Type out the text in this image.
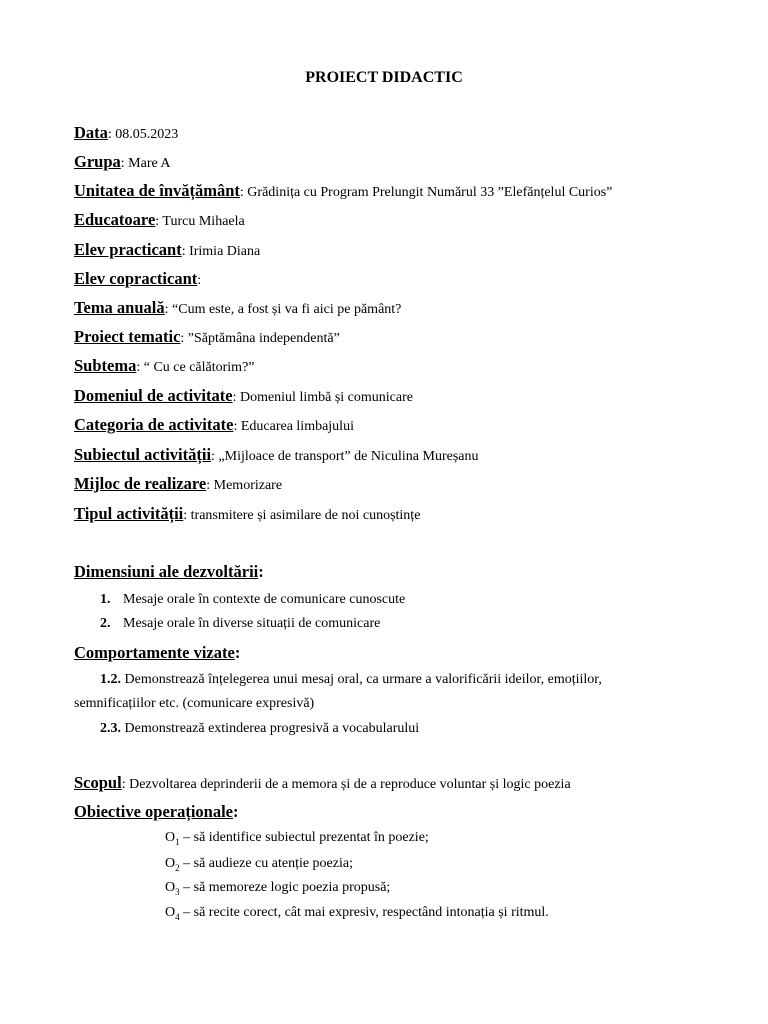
PROIECT DIDACTIC
Data: 08.05.2023
Grupa: Mare A
Unitatea de învățământ: Grădinița cu Program Prelungit Numărul 33 ”Elefănțelul Curios”
Educatoare: Turcu Mihaela
Elev practicant: Irimia Diana
Elev copracticant:
Tema anuală: “Cum este, a fost și va fi aici pe pământ?
Proiect tematic: ”Săptămâna independentă”
Subtema: “ Cu ce călătorim?”
Domeniul de activitate: Domeniul limbă și comunicare
Categoria de activitate: Educarea limbajului
Subiectul activității: „Mijloace de transport” de Niculina Mureșanu
Mijloc de realizare: Memorizare
Tipul activității: transmitere și asimilare de noi cunoștințe
Dimensiuni ale dezvoltării:
1. Mesaje orale în contexte de comunicare cunoscute
2. Mesaje orale în diverse situații de comunicare
Comportamente vizate:
1.2. Demonstrează înțelegerea unui mesaj oral, ca urmare a valorificării ideilor, emoțiilor,
semnificațiilor etc. (comunicare expresivă)
2.3. Demonstrează extinderea progresivă a vocabularului
Scopul: Dezvoltarea deprinderii de a memora și de a reproduce voluntar și logic poezia
Obiective operaționale:
$O_1$ – să identifice subiectul prezentat în poezie;
$O_2$ – să audieze cu atenție poezia;
$O_3$ – să memoreze logic poezia propusă;
$O_4$ – să recite corect, cât mai expresiv, respectând intonația și ritmul.
